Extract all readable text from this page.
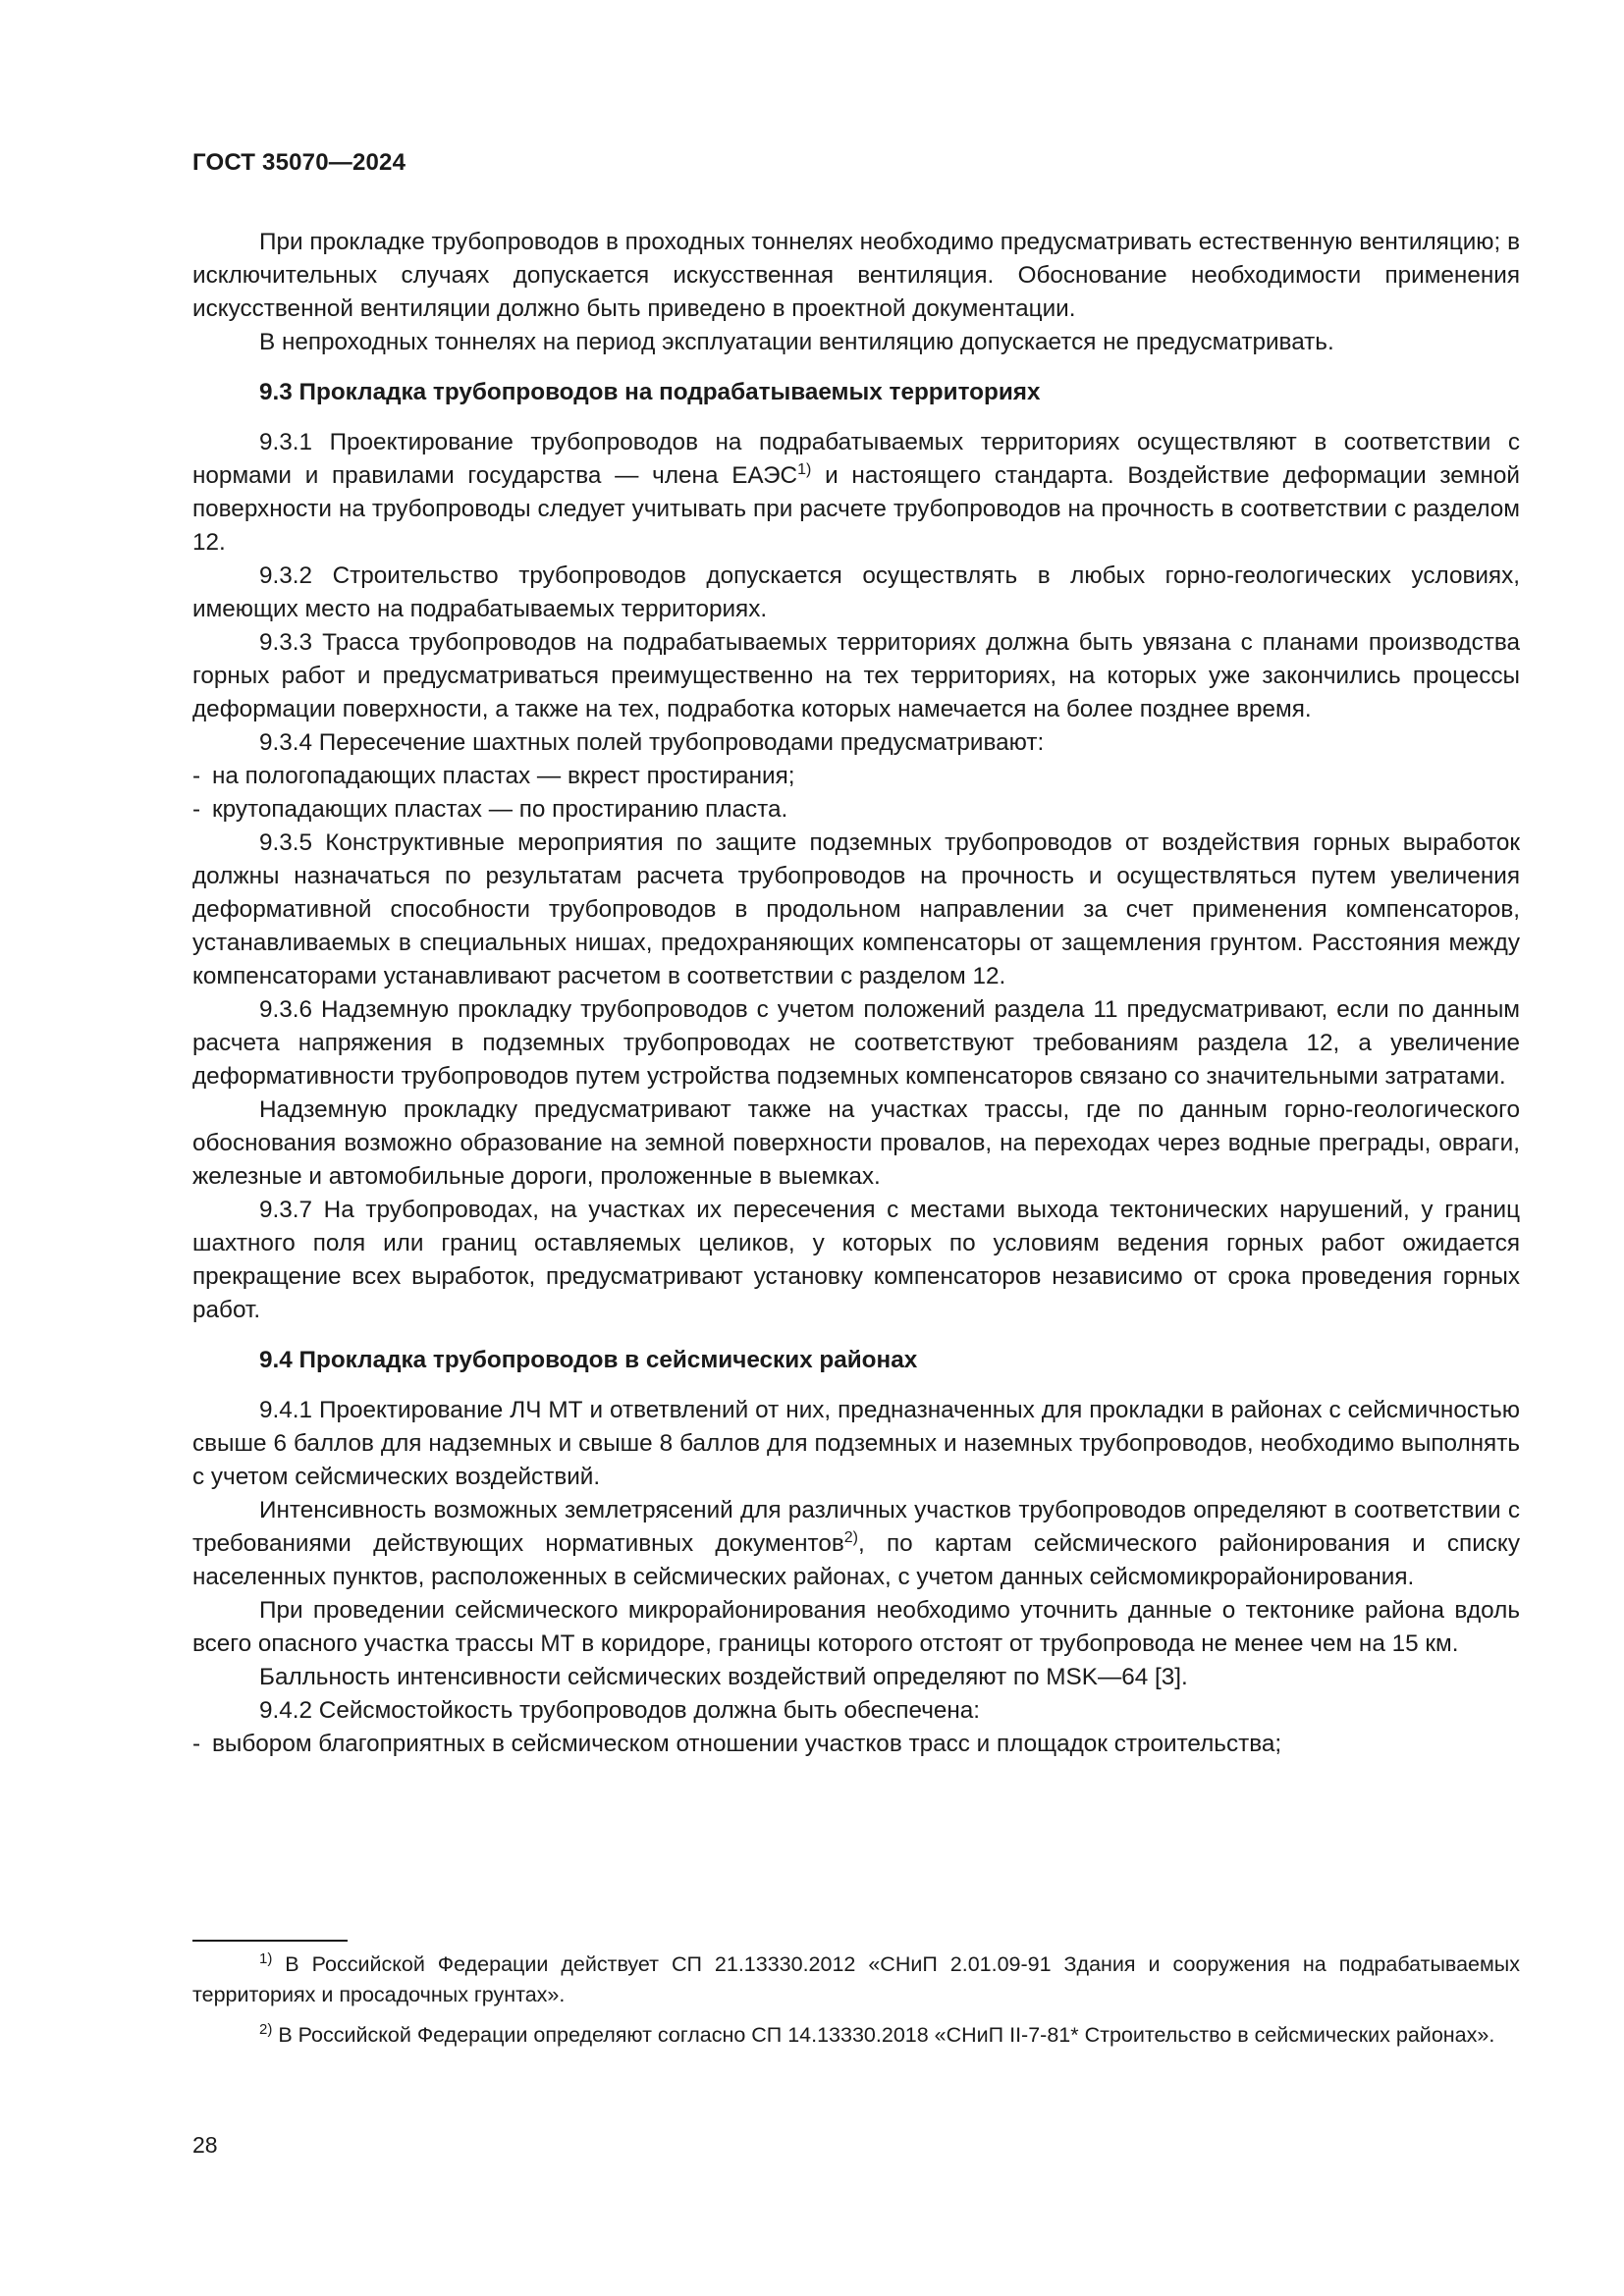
ГОСТ 35070—2024

При прокладке трубопроводов в проходных тоннелях необходимо предусматривать естественную вентиляцию; в исключительных случаях допускается искусственная вентиляция. Обоснование необходимости применения искусственной вентиляции должно быть приведено в проектной документации.

В непроходных тоннелях на период эксплуатации вентиляцию допускается не предусматривать.

9.3 Прокладка трубопроводов на подрабатываемых территориях

9.3.1 Проектирование трубопроводов на подрабатываемых территориях осуществляют в соответствии с нормами и правилами государства — члена ЕАЭС$^{1)}$ и настоящего стандарта. Воздействие деформации земной поверхности на трубопроводы следует учитывать при расчете трубопроводов на прочность в соответствии с разделом 12.

9.3.2 Строительство трубопроводов допускается осуществлять в любых горно-геологических условиях, имеющих место на подрабатываемых территориях.

9.3.3 Трасса трубопроводов на подрабатываемых территориях должна быть увязана с планами производства горных работ и предусматриваться преимущественно на тех территориях, на которых уже закончились процессы деформации поверхности, а также на тех, подработка которых намечается на более позднее время.

9.3.4 Пересечение шахтных полей трубопроводами предусматривают:

- на пологопадающих пластах — вкрест простирания;

- крутопадающих пластах — по простиранию пласта.

9.3.5 Конструктивные мероприятия по защите подземных трубопроводов от воздействия горных выработок должны назначаться по результатам расчета трубопроводов на прочность и осуществляться путем увеличения деформативной способности трубопроводов в продольном направлении за счет применения компенсаторов, устанавливаемых в специальных нишах, предохраняющих компенсаторы от защемления грунтом. Расстояния между компенсаторами устанавливают расчетом в соответствии с разделом 12.

9.3.6 Надземную прокладку трубопроводов с учетом положений раздела 11 предусматривают, если по данным расчета напряжения в подземных трубопроводах не соответствуют требованиям раздела 12, а увеличение деформативности трубопроводов путем устройства подземных компенсаторов связано со значительными затратами.

Надземную прокладку предусматривают также на участках трассы, где по данным горно-геологического обоснования возможно образование на земной поверхности провалов, на переходах через водные преграды, овраги, железные и автомобильные дороги, проложенные в выемках.

9.3.7 На трубопроводах, на участках их пересечения с местами выхода тектонических нарушений, у границ шахтного поля или границ оставляемых целиков, у которых по условиям ведения горных работ ожидается прекращение всех выработок, предусматривают установку компенсаторов независимо от срока проведения горных работ.

9.4 Прокладка трубопроводов в сейсмических районах

9.4.1 Проектирование ЛЧ МТ и ответвлений от них, предназначенных для прокладки в районах с сейсмичностью свыше 6 баллов для надземных и свыше 8 баллов для подземных и наземных трубопроводов, необходимо выполнять с учетом сейсмических воздействий.

Интенсивность возможных землетрясений для различных участков трубопроводов определяют в соответствии с требованиями действующих нормативных документов$^{2)}$, по картам сейсмического районирования и списку населенных пунктов, расположенных в сейсмических районах, с учетом данных сейсмомикрорайонирования.

При проведении сейсмического микрорайонирования необходимо уточнить данные о тектонике района вдоль всего опасного участка трассы МТ в коридоре, границы которого отстоят от трубопровода не менее чем на 15 км.

Балльность интенсивности сейсмических воздействий определяют по MSK—64 [3].

9.4.2 Сейсмостойкость трубопроводов должна быть обеспечена:

- выбором благоприятных в сейсмическом отношении участков трасс и площадок строительства;

$^{1)}$ В Российской Федерации действует СП 21.13330.2012 «СНиП 2.01.09-91 Здания и сооружения на подрабатываемых территориях и просадочных грунтах».

$^{2)}$ В Российской Федерации определяют согласно СП 14.13330.2018 «СНиП II-7-81* Строительство в сейсмических районах».

28
